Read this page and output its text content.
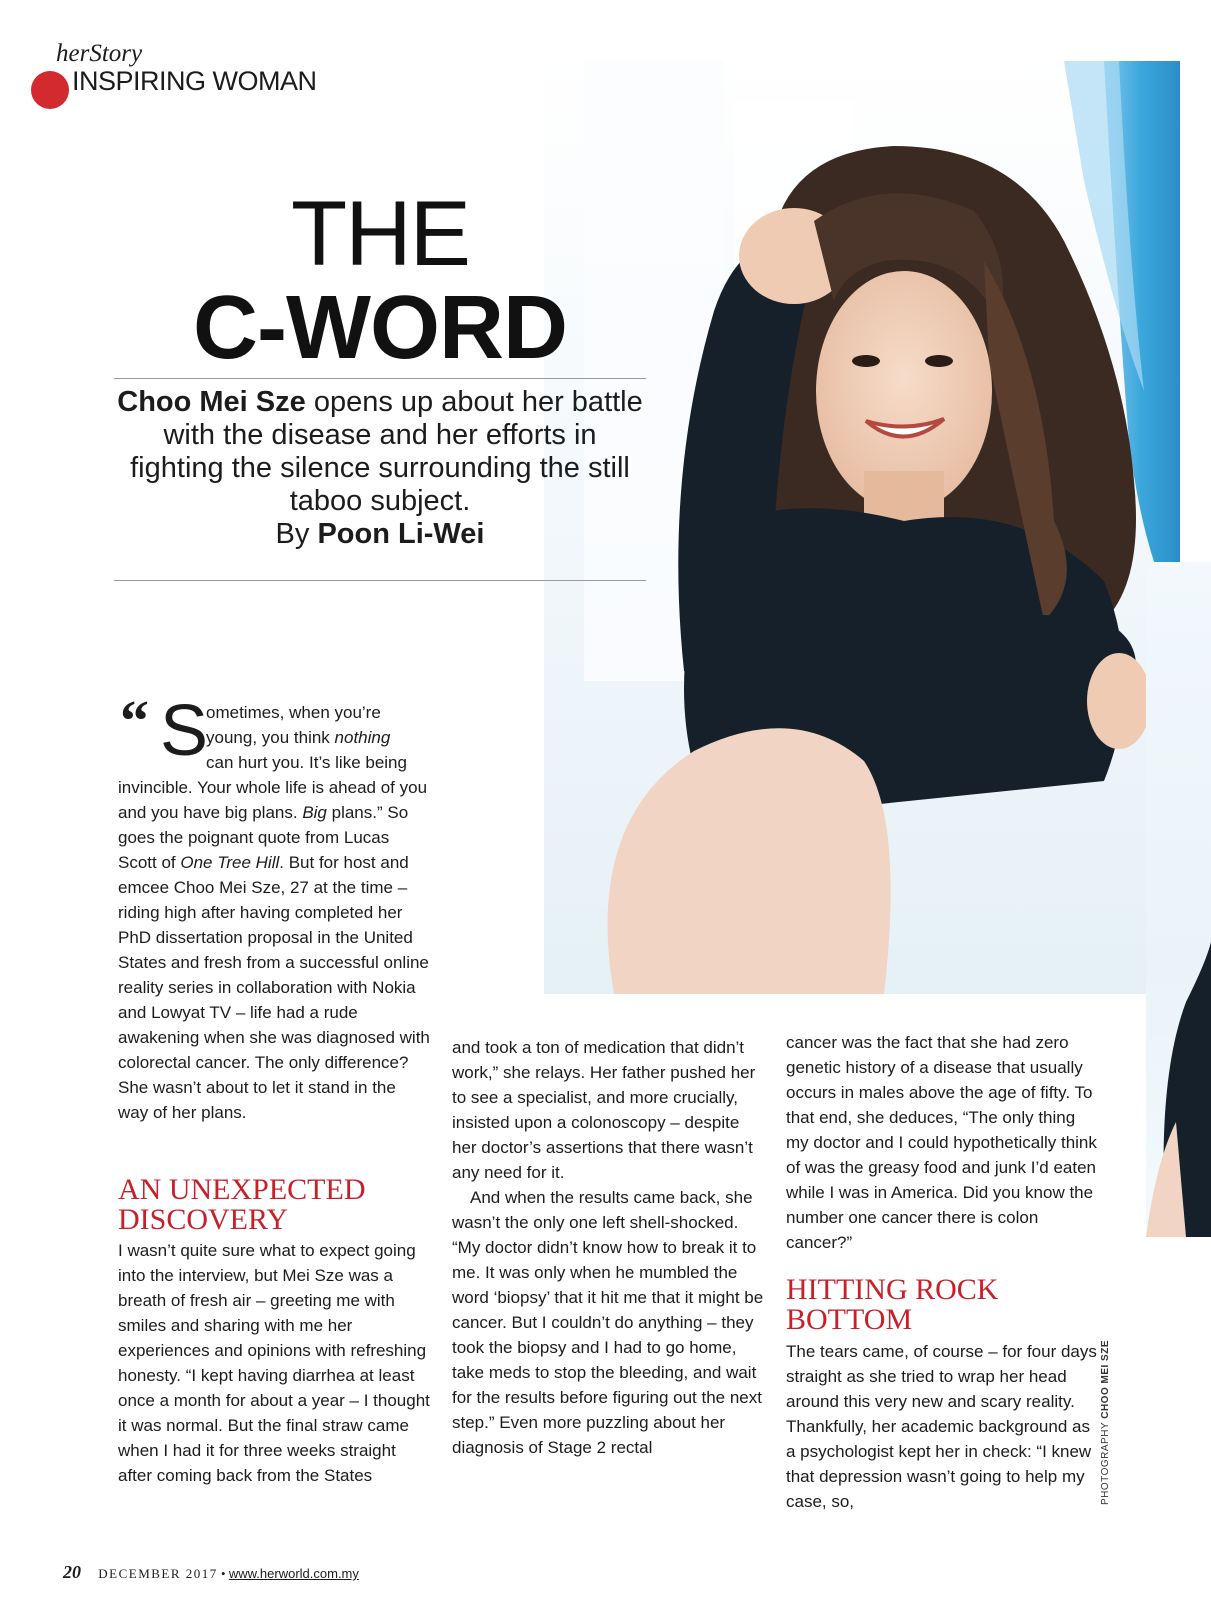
herStory
INSPIRING WOMAN
THE
C-WORD
Choo Mei Sze opens up about her battle with the disease and her efforts in fighting the silence surrounding the still taboo subject.
By Poon Li-Wei
“ S
ometimes, when you’re
young, you think nothing
can hurt you. It’s like being

invincible. Your whole life is ahead of you and you have big plans. Big plans.” So goes the poignant quote from Lucas Scott of One Tree Hill. But for host and emcee Choo Mei Sze, 27 at the time – riding high after having completed her PhD dissertation proposal in the United States and fresh from a successful online reality series in collaboration with Nokia and Lowyat TV – life had a rude awakening when she was diagnosed with colorectal cancer. The only difference? She wasn’t about to let it stand in the way of her plans.

AN UNEXPECTED DISCOVERY

I wasn’t quite sure what to expect going into the interview, but Mei Sze was a breath of fresh air – greeting me with smiles and sharing with me her experiences and opinions with refreshing honesty. “I kept having diarrhea at least once a month for about a year – I thought it was normal. But the final straw came when I had it for three weeks straight after coming back from the States

and took a ton of medication that didn’t work,” she relays. Her father pushed her to see a specialist, and more crucially, insisted upon a colonoscopy – despite her doctor’s assertions that there wasn’t any need for it.

And when the results came back, she wasn’t the only one left shell-shocked. “My doctor didn’t know how to break it to me. It was only when he mumbled the word ‘biopsy’ that it hit me that it might be cancer. But I couldn’t do anything – they took the biopsy and I had to go home, take meds to stop the bleeding, and wait for the results before figuring out the next step.” Even more puzzling about her diagnosis of Stage 2 rectal

cancer was the fact that she had zero genetic history of a disease that usually occurs in males above the age of fifty. To that end, she deduces, “The only thing my doctor and I could hypothetically think of was the greasy food and junk I’d eaten while I was in America. Did you know the number one cancer there is colon cancer?”

HITTING ROCK BOTTOM

The tears came, of course – for four days straight as she tried to wrap her head around this very new and scary reality. Thankfully, her academic background as a psychologist kept her in check: “I knew that depression wasn’t going to help my case, so,	PHOTOGRAPHY CHOO MEI SZE
20 DECEMBER 2017 • www.herworld.com.my
